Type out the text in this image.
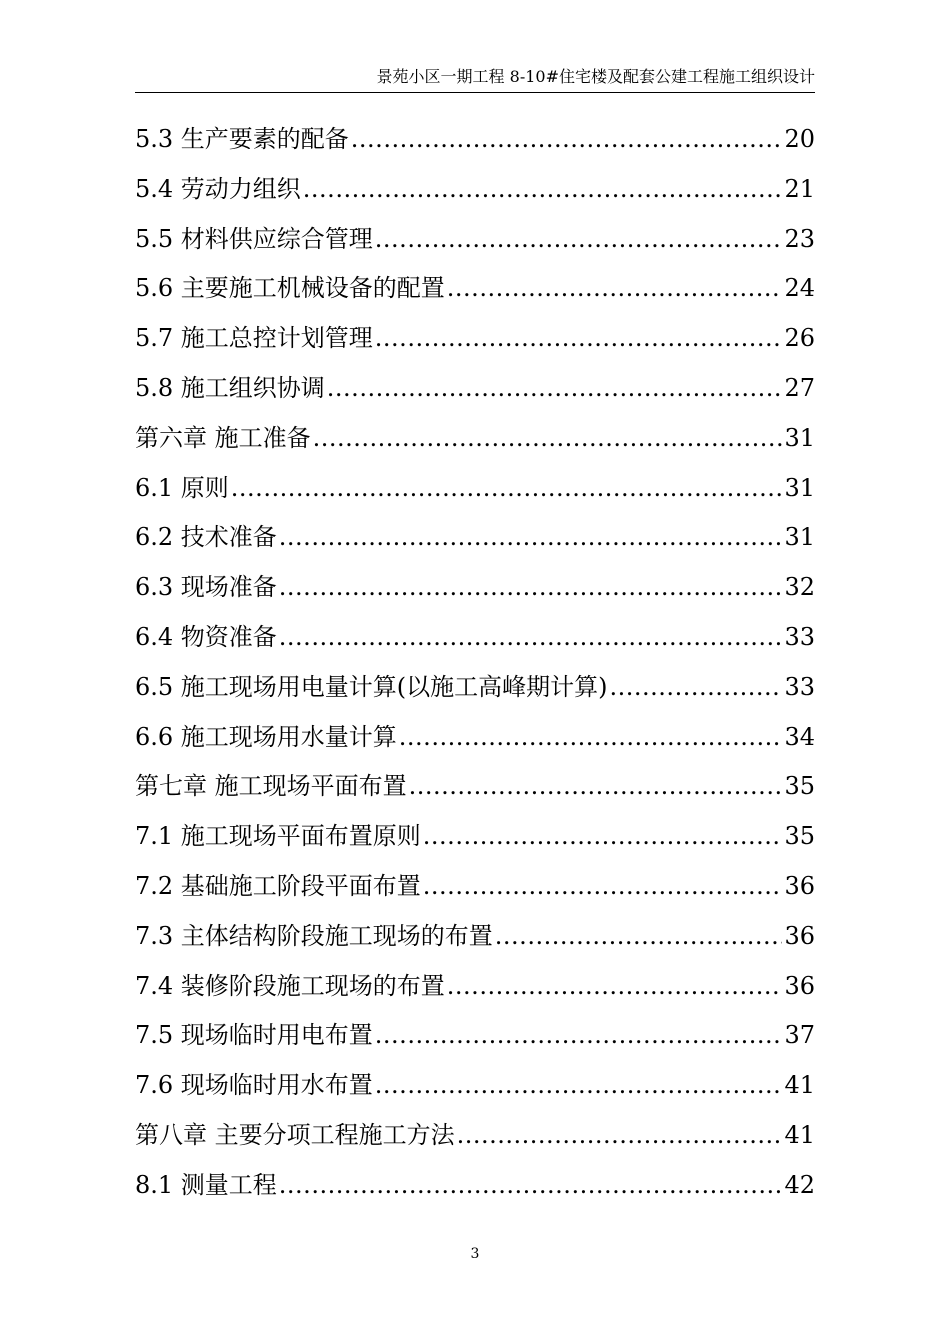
景苑小区一期工程 8-10#住宅楼及配套公建工程施工组织设计
5.3 生产要素的配备 .....	20
5.4 劳动力组织 .....	21
5.5 材料供应综合管理 .....	23
5.6 主要施工机械设备的配置 .....	24
5.7 施工总控计划管理 .....	26
5.8 施工组织协调 .....	27
第六章 施工准备 .....	31
6.1 原则 .....	31
6.2 技术准备 .....	31
6.3 现场准备 .....	32
6.4 物资准备 .....	33
6.5 施工现场用电量计算(以施工高峰期计算) .....	33
6.6 施工现场用水量计算 .....	34
第七章 施工现场平面布置 .....	35
7.1 施工现场平面布置原则 .....	35
7.2 基础施工阶段平面布置 .....	36
7.3 主体结构阶段施工现场的布置 .....	36
7.4 装修阶段施工现场的布置 .....	36
7.5 现场临时用电布置 .....	37
7.6 现场临时用水布置 .....	41
第八章 主要分项工程施工方法 .....	41
8.1 测量工程 .....	42
3
